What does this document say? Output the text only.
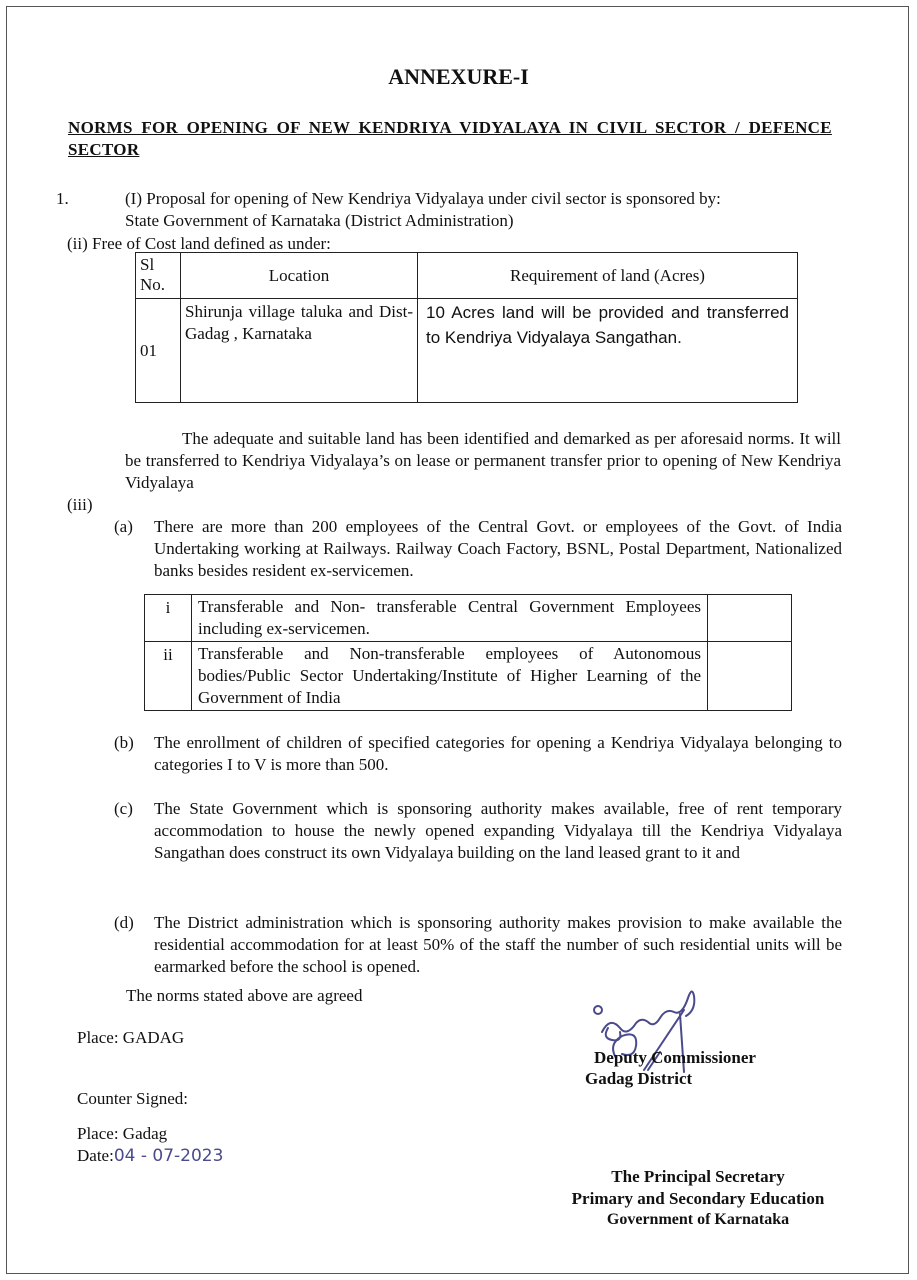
ANNEXURE-I
NORMS FOR OPENING OF NEW KENDRIYA VIDYALAYA IN CIVIL SECTOR / DEFENCE SECTOR
1.	(I) Proposal for opening of New Kendriya Vidyalaya under civil sector is sponsored by:
State Government of Karnataka (District Administration)
(ii) Free of Cost land defined as under:
Sl No.	Location	Requirement of land (Acres)
01	Shirunja village taluka and Dist-Gadag , Karnataka	10 Acres land will be provided and transferred to Kendriya Vidyalaya Sangathan.
The adequate and suitable land has been identified and demarked as per aforesaid norms. It will be transferred to Kendriya Vidyalaya’s on lease or permanent transfer prior to opening of New Kendriya Vidyalaya
(iii)
(a) There are more than 200 employees of the Central Govt. or employees of the Govt. of India Undertaking working at Railways. Railway Coach Factory, BSNL, Postal Department, Nationalized banks besides resident ex-servicemen.
i	Transferable and Non- transferable Central Government Employees including ex-servicemen.	
ii	Transferable and Non-transferable employees of Autonomous bodies/Public Sector Undertaking/Institute of Higher Learning of the Government of India	
(b) The enrollment of children of specified categories for opening a Kendriya Vidyalaya belonging to categories I to V is more than 500.
(c) The State Government which is sponsoring authority makes available, free of rent temporary accommodation to house the newly opened expanding Vidyalaya till the Kendriya Vidyalaya Sangathan does construct its own Vidyalaya building on the land leased grant to it and
(d) The District administration which is sponsoring authority makes provision to make available the residential accommodation for at least 50% of the staff the number of such residential units will be earmarked before the school is opened.
The norms stated above are agreed
Place: GADAG
Deputy Commissioner
Gadag District
Counter Signed:
Place: Gadag
Date:04 - 07-2023
The Principal Secretary
Primary and Secondary Education
Government of Karnataka
